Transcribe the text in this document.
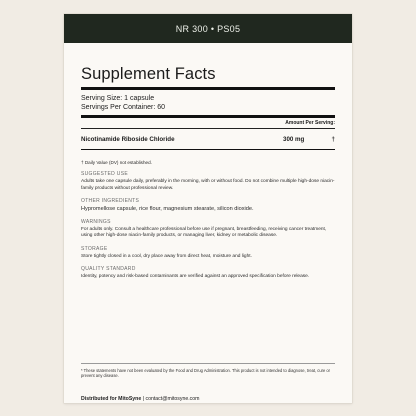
NR 300 • PS05
Supplement Facts
Serving Size: 1 capsule
Servings Per Container: 60
Amount Per Serving:
Nicotinamide Riboside Chloride	300 mg	†
† Daily Value (DV) not established.
SUGGESTED USE
Adults take one capsule daily, preferably in the morning, with or without food. Do not combine multiple high-dose niacin-family products without professional review.
OTHER INGREDIENTS
Hypromellose capsule, rice flour, magnesium stearate, silicon dioxide.
WARNINGS
For adults only. Consult a healthcare professional before use if pregnant, breastfeeding, receiving cancer treatment, using other high-dose niacin-family products, or managing liver, kidney or metabolic disease.
STORAGE
Store tightly closed in a cool, dry place away from direct heat, moisture and light.
QUALITY STANDARD
Identity, potency and risk-based contaminants are verified against an approved specification before release.
* These statements have not been evaluated by the Food and Drug Administration. This product is not intended to diagnose, treat, cure or prevent any disease.
Distributed for MitoSyne | contact@mitosyne.com
